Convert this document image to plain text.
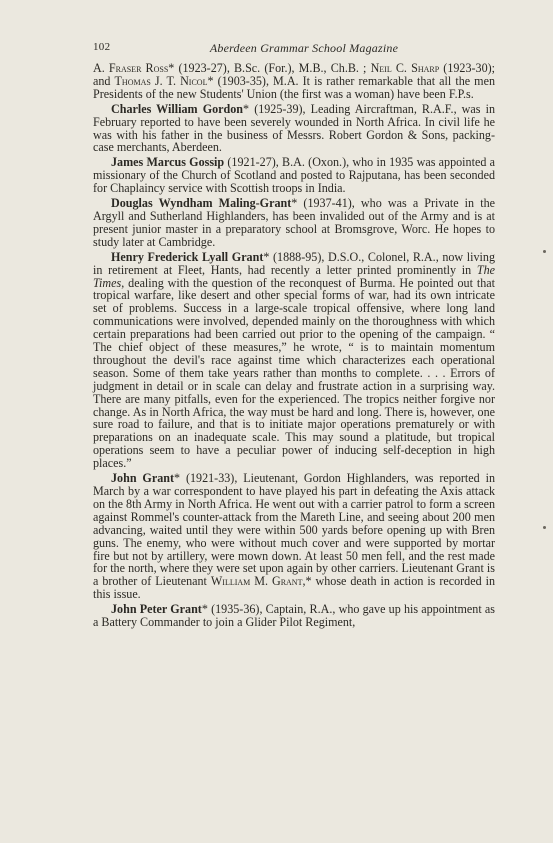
102	Aberdeen Grammar School Magazine

A. Fraser Ross* (1923-27), B.Sc. (For.), M.B., Ch.B. ; Neil C. Sharp (1923-30); and Thomas J. T. Nicol* (1903-35), M.A. It is rather remarkable that all the men Presidents of the new Students' Union (the first was a woman) have been F.P.s.

Charles William Gordon* (1925-39), Leading Aircraftman, R.A.F., was in February reported to have been severely wounded in North Africa. In civil life he was with his father in the business of Messrs. Robert Gordon & Sons, packing-case merchants, Aberdeen.

James Marcus Gossip (1921-27), B.A. (Oxon.), who in 1935 was appointed a missionary of the Church of Scotland and posted to Rajputana, has been seconded for Chaplaincy service with Scottish troops in India.

Douglas Wyndham Maling-Grant* (1937-41), who was a Private in the Argyll and Sutherland Highlanders, has been invalided out of the Army and is at present junior master in a preparatory school at Bromsgrove, Worc. He hopes to study later at Cambridge.

Henry Frederick Lyall Grant* (1888-95), D.S.O., Colonel, R.A., now living in retirement at Fleet, Hants, had recently a letter printed prominently in The Times, dealing with the question of the reconquest of Burma. He pointed out that tropical warfare, like desert and other special forms of war, had its own intricate set of problems. Success in a large-scale tropical offensive, where long land communications were involved, depended mainly on the thoroughness with which certain preparations had been carried out prior to the opening of the campaign. “ The chief object of these measures,” he wrote, “ is to maintain momentum throughout the devil's race against time which characterizes each operational season. Some of them take years rather than months to complete. . . . Errors of judgment in detail or in scale can delay and frustrate action in a surprising way. There are many pitfalls, even for the experienced. The tropics neither forgive nor change. As in North Africa, the way must be hard and long. There is, however, one sure road to failure, and that is to initiate major operations prematurely or with preparations on an inadequate scale. This may sound a platitude, but tropical operations seem to have a peculiar power of inducing self-deception in high places.”

John Grant* (1921-33), Lieutenant, Gordon Highlanders, was reported in March by a war correspondent to have played his part in defeating the Axis attack on the 8th Army in North Africa. He went out with a carrier patrol to form a screen against Rommel's counter-attack from the Mareth Line, and seeing about 200 men advancing, waited until they were within 500 yards before opening up with Bren guns. The enemy, who were without much cover and were supported by mortar fire but not by artillery, were mown down. At least 50 men fell, and the rest made for the north, where they were set upon again by other carriers. Lieutenant Grant is a brother of Lieutenant William M. Grant,* whose death in action is recorded in this issue.

John Peter Grant* (1935-36), Captain, R.A., who gave up his appointment as a Battery Commander to join a Glider Pilot Regiment,
